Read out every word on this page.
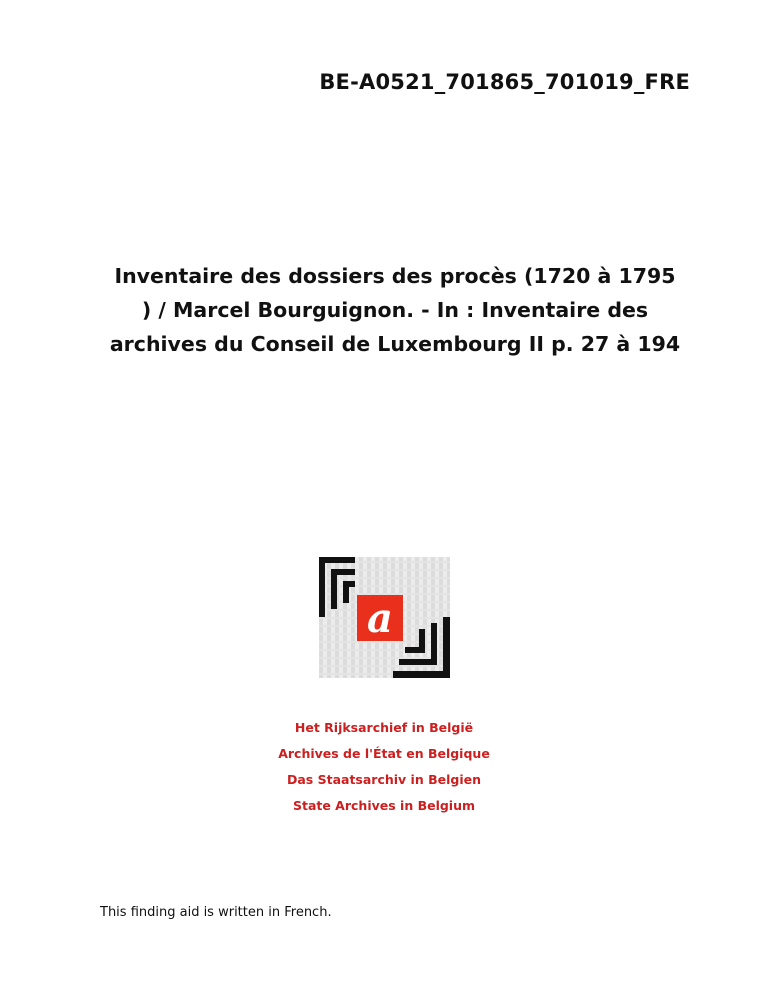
BE-A0521_701865_701019_FRE
Inventaire des dossiers des procès (1720 à 1795
) / Marcel Bourguignon. - In : Inventaire des
archives du Conseil de Luxembourg II p. 27 à 194
a
Het Rijksarchief in België
Archives de l'État en Belgique
Das Staatsarchiv in Belgien
State Archives in Belgium
This finding aid is written in French.
